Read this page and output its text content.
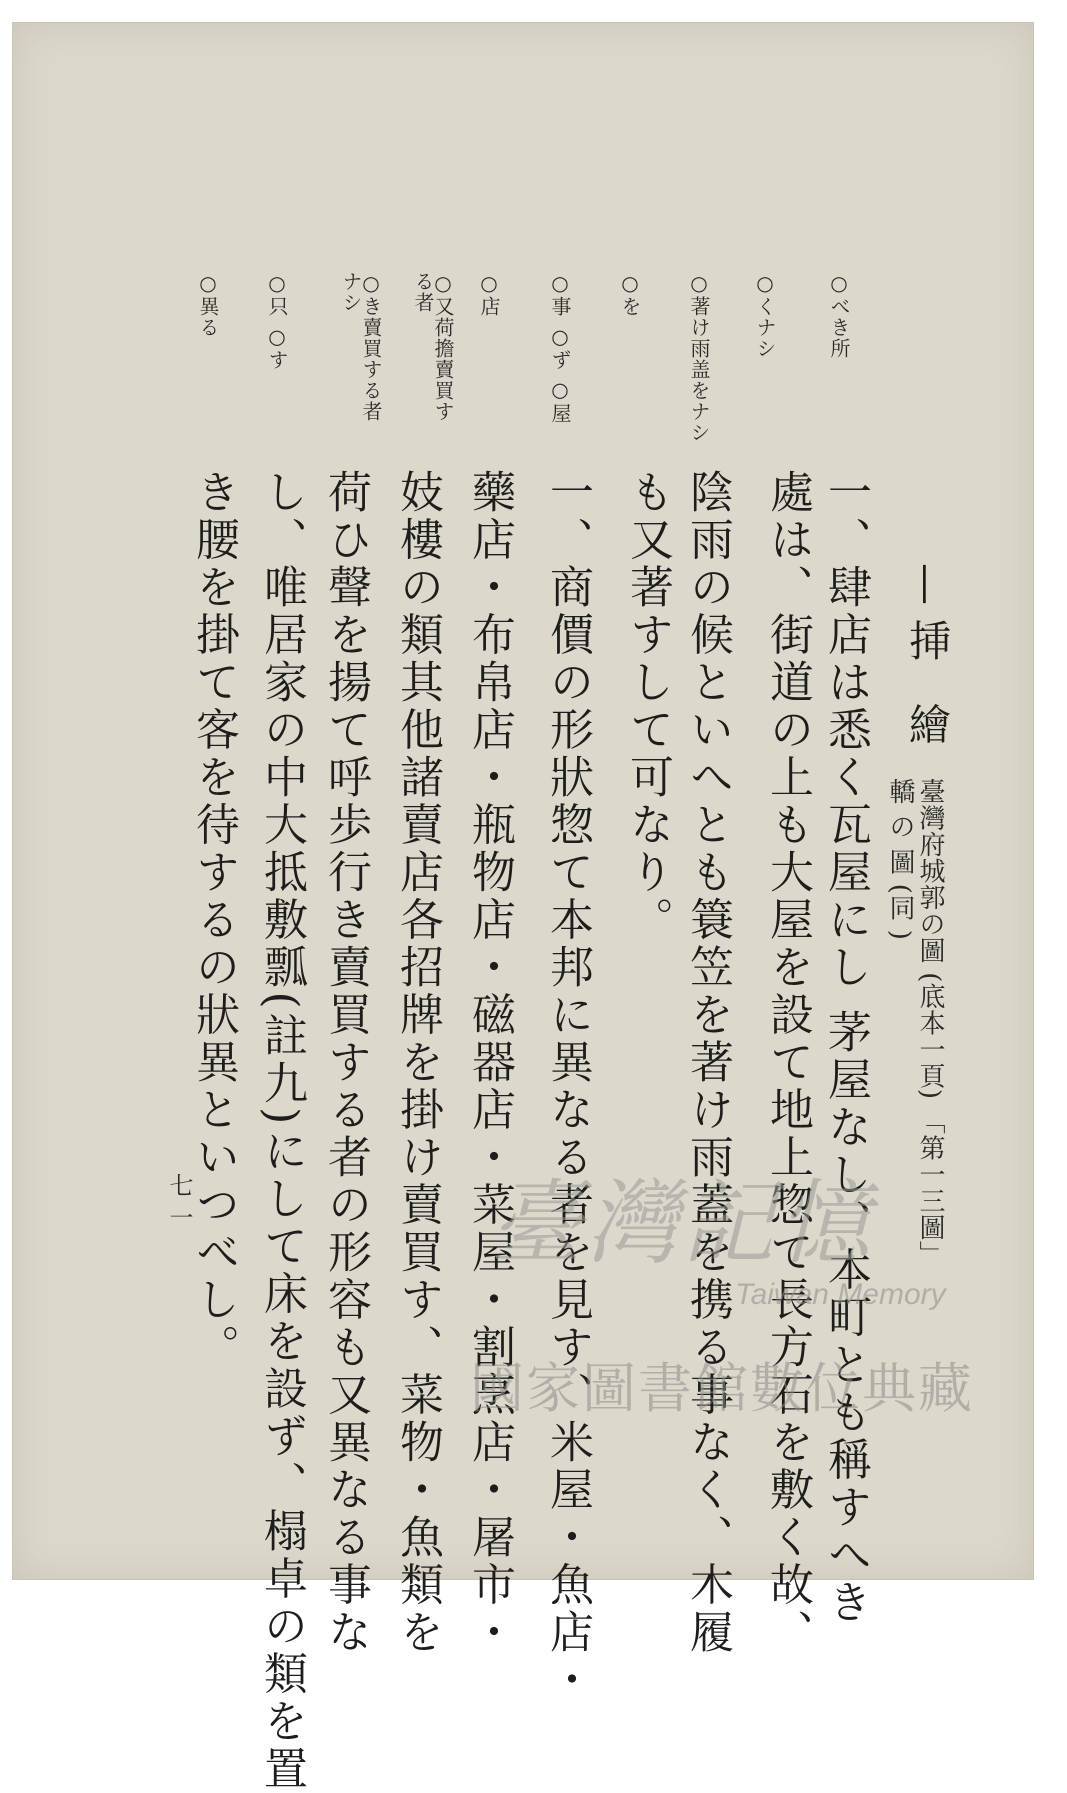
—挿 繪
臺灣府城郭の圖 (底本一頁) 「第一三圖」
轎 の 圖 (同 )
一、肆店は悉く瓦屋にし 茅屋なし、本町とも稱すへき
處は、街道の上も大屋を設て地上惣て長方石を敷く故、
陰雨の候といへとも簑笠を著け雨蓋を携る事なく、木履
も又著すして可なり。
一、商價の形狀惣て本邦に異なる者を見す、米屋・魚店・
藥店・布帛店・瓶物店・磁器店・菜屋・割烹店・屠市・
妓樓の類其他諸賣店各招牌を掛け賣買す、菜物・魚類を
荷ひ聲を揚て呼歩行き賣買する者の形容も又異なる事な
し、唯居家の中大抵敷瓢(註九)にして床を設ず、榻卓の類を置
き腰を掛て客を待するの狀異といつべし。
○べき所
○くナシ
○著け雨盖をナシ
○を
○事 ○ず ○屋
○店
○又荷擔賣買する者
○き賣買する者ナシ
○只 ○す
○異る
七一	臺灣記憶
Taiwan Memory
國家圖書館數位典藏
